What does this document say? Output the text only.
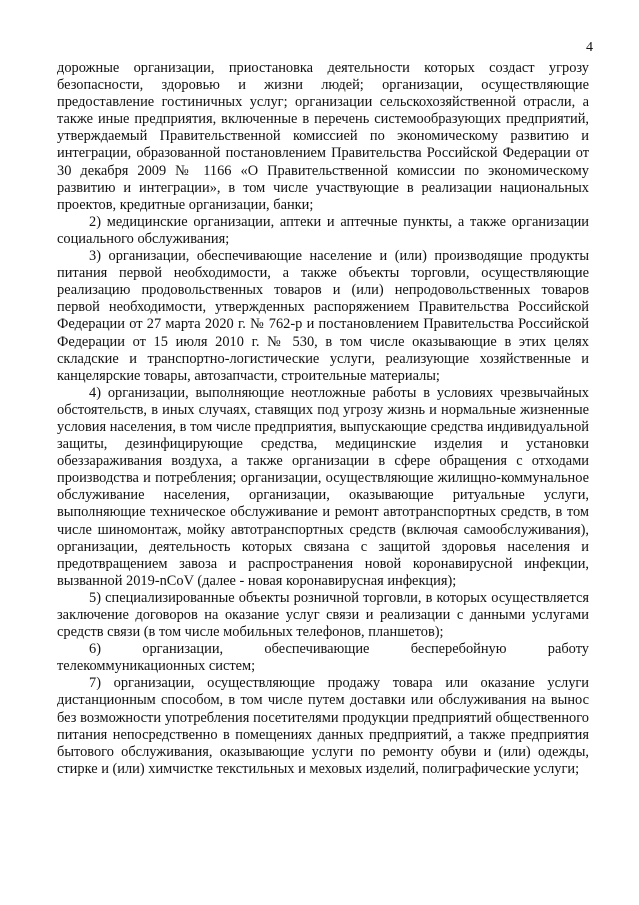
4

дорожные организации, приостановка деятельности которых создаст угрозу безопасности, здоровью и жизни людей; организации, осуществляющие предоставление гостиничных услуг; организации сельскохозяйственной отрасли, а также иные предприятия, включенные в перечень системообразующих предприятий, утверждаемый Правительственной комиссией по экономическому развитию и интеграции, образованной постановлением Правительства Российской Федерации от 30 декабря 2009 № 1166 «О Правительственной комиссии по экономическому развитию и интеграции», в том числе участвующие в реализации национальных проектов, кредитные организации, банки;

2) медицинские организации, аптеки и аптечные пункты, а также организации социального обслуживания;

3) организации, обеспечивающие население и (или) производящие продукты питания первой необходимости, а также объекты торговли, осуществляющие реализацию продовольственных товаров и (или) непродовольственных товаров первой необходимости, утвержденных распоряжением Правительства Российской Федерации от 27 марта 2020 г. № 762-р и постановлением Правительства Российской Федерации от 15 июля 2010 г. № 530, в том числе оказывающие в этих целях складские и транспортно-логистические услуги, реализующие хозяйственные и канцелярские товары, автозапчасти, строительные материалы;

4) организации, выполняющие неотложные работы в условиях чрезвычайных обстоятельств, в иных случаях, ставящих под угрозу жизнь и нормальные жизненные условия населения, в том числе предприятия, выпускающие средства индивидуальной защиты, дезинфицирующие средства, медицинские изделия и установки обеззараживания воздуха, а также организации в сфере обращения с отходами производства и потребления; организации, осуществляющие жилищно-коммунальное обслуживание населения, организации, оказывающие ритуальные услуги, выполняющие техническое обслуживание и ремонт автотранспортных средств, в том числе шиномонтаж, мойку автотранспортных средств (включая самообслуживания), организации, деятельность которых связана с защитой здоровья населения и предотвращением завоза и распространения новой коронавирусной инфекции, вызванной 2019-nCoV (далее - новая коронавирусная инфекция);

5) специализированные объекты розничной торговли, в которых осуществляется заключение договоров на оказание услуг связи и реализации с данными услугами средств связи (в том числе мобильных телефонов, планшетов);

6) организации, обеспечивающие бесперебойную работу телекоммуникационных систем;

7) организации, осуществляющие продажу товара или оказание услуги дистанционным способом, в том числе путем доставки или обслуживания на вынос без возможности употребления посетителями продукции предприятий общественного питания непосредственно в помещениях данных предприятий, а также предприятия бытового обслуживания, оказывающие услуги по ремонту обуви и (или) одежды, стирке и (или) химчистке текстильных и меховых изделий, полиграфические услуги;
